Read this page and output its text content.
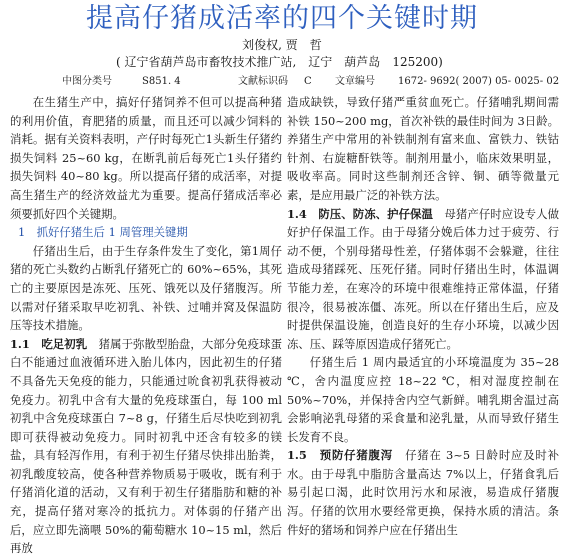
提高仔猪成活率的四个关键时期
刘俊权, 贾　哲
( 辽宁省葫芦岛市畜牧技术推广站,　辽宁　葫芦岛　125200)
中图分类号	S851. 4	文献标识码 C 文章编号 1672- 9692( 2007) 05- 0025- 02

在生猪生产中，搞好仔猪饲养不但可以提高种猪的利用价值，育肥猪的质量，而且还可以减少饲料的消耗。据有关资料表明，产仔时每死亡1头新生仔猪约损失饲料 25~60 kg，在断乳前后每死亡1头仔猪约损失饲料 40~80 kg。所以提高仔猪的成活率，对提高生猪生产的经济效益尤为重要。提高仔猪成活率必须要抓好四个关键期。

1　抓好仔猪生后 1 周管理关键期

仔猪出生后，由于生存条件发生了变化，第1周仔猪的死亡头数约占断乳仔猪死亡的 60%~65%，其死亡的主要原因是冻死、压死、饿死以及仔猪腹泻。所以需对仔猪采取早吃初乳、补铁、过哺并窝及保温防压等技术措施。

1.1　吃足初乳　 猪属于弥散型胎盘，大部分免疫球蛋白不能通过血液循环进入胎儿体内，因此初生的仔猪不具备先天免疫的能力，只能通过吮食初乳获得被动免疫力。初乳中含有大量的免疫球蛋白，每 100 ml 初乳中含免疫球蛋白 7~8 g，仔猪生后尽快吃到初乳即可获得被动免疫力。同时初乳中还含有较多的镁盐，具有轻泻作用，有利于初生仔猪尽快排出胎粪，初乳酸度较高，使各种营养物质易于吸收，既有利于仔猪消化道的活动，又有利于初生仔猪脂肪和糖的补充，提高仔猪对寒冷的抵抗力。对体弱的仔猪产出后，应立即先滴喂 50%的葡萄糖水 10~15 ml，然后再放

造成缺铁，导致仔猪严重贫血死亡。仔猪哺乳期间需补铁 150~200 mg，首次补铁的最佳时间为 3日龄。养猪生产中常用的补铁制剂有富来血、富铁力、铁钴针剂、右旋糖酐铁等。制剂用量小，临床效果明显，吸收率高。同时这些制剂还含锌、铜、硒等微量元素，是应用最广泛的补铁方法。

1.4　防压、防冻、护仔保温　 母猪产仔时应设专人做好护仔保温工作。由于母猪分娩后体力过于疲劳、行动不便，个别母猪母性差，仔猪体弱不会躲避，往往造成母猪踩死、压死仔猪。同时仔猪出生时，体温调节能力差，在寒冷的环境中很难维持正常体温，仔猪很冷，很易被冻僵、冻死。所以在仔猪出生后，应及时提供保温设施，创造良好的生存小环境，以减少因冻、压、踩等原因造成仔猪死亡。

仔猪生后 1 周内最适宜的小环境温度为 35~28 ℃，舍内温度应控 18~22 ℃，相对湿度控制在 50%~70%，并保持舍内空气新鲜。哺乳期舍温过高会影响泌乳母猪的采食量和泌乳量，从而导致仔猪生长发育不良。

1.5　预防仔猪腹泻　 仔猪在 3~5 日龄时应及时补水。由于母乳中脂肪含量高达 7%以上，仔猪食乳后易引起口渴，此时饮用污水和尿液，易造成仔猪腹泻。仔猪的饮用水要经常更换，保持水质的清洁。条件好的猪场和饲养户应在仔猪出生
